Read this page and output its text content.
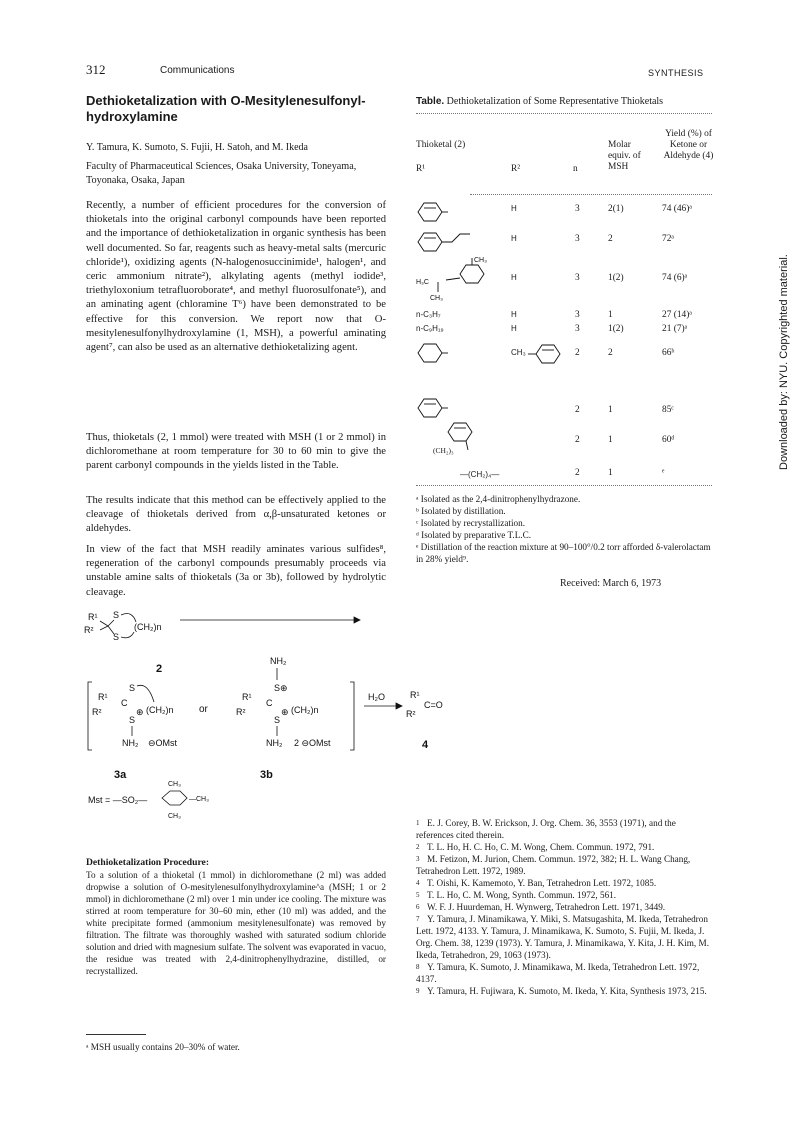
312	Communications	SYNTHESIS
Dethioketalization with O-Mesitylenesulfonyl-hydroxylamine
Y. Tamura, K. Sumoto, S. Fujii, H. Satoh, and M. Ikeda
Faculty of Pharmaceutical Sciences, Osaka University, Toneyama, Toyonaka, Osaka, Japan
Recently, a number of efficient procedures for the conversion of thioketals into the original carbonyl compounds have been reported and the importance of dethioketalization in organic synthesis has been well documented. So far, reagents such as heavy-metal salts (mercuric chloride¹), oxidizing agents (N-halogenosuccinimide¹, halogen¹, and ceric ammonium nitrate²), alkylating agents (methyl iodide³, triethyloxonium tetrafluoroborate⁴, and methyl fluorosulfonate⁵), and an aminating agent (chloramine T⁶) have been demonstrated to be effective for this conversion. We report now that O-mesitylenesulfonylhydroxylamine (1, MSH), a powerful aminating agent⁷, can also be used as an alternative dethioketalizing agent.
Thus, thioketals (2, 1 mmol) were treated with MSH (1 or 2 mmol) in dichloromethane at room temperature for 30 to 60 min to give the parent carbonyl compounds in the yields listed in the Table.
The results indicate that this method can be effectively applied to the cleavage of thioketals derived from α,β-unsaturated ketones or aldehydes.
In view of the fact that MSH readily aminates various sulfides⁸, regeneration of the carbonyl compounds presumably proceeds via unstable amine salts of thioketals (3a or 3b), followed by hydrolytic cleavage.
R¹
R²
S
S
(CH₂)n
2
R¹
R²
C
S
S
⊕ (CH₂)n
NH₂ ⊖OMst
R¹
R²
C
S⊕
S
⊕ (CH₂)n
NH₂
NH₂ 2 ⊖OMst
or
H₂O	R¹
R²
C=O
4
3a	3b
Mst = —SO₂—
CH₃
—CH₃
CH₃
Dethioketalization Procedure:
To a solution of a thioketal (1 mmol) in dichloromethane (2 ml) was added dropwise a solution of O-mesitylenesulfonylhydroxylamine^a (MSH; 1 or 2 mmol) in dichloromethane (2 ml) over 1 min under ice cooling. The mixture was stirred at room temperature for 30–60 min, ether (10 ml) was added, and the white precipitate formed (ammonium mesitylenesulfonate) was removed by filtration. The filtrate was thoroughly washed with saturated sodium chloride solution and dried with magnesium sulfate. The solvent was evaporated in vacuo, the residue was treated with 2,4-dinitrophenylhydrazine, distilled, or recrystallized.
ᵃ MSH usually contains 20–30% of water.
Table. Dethioketalization of Some Representative Thioketals
Thioketal (2)
R¹	R²	n
Molar equiv. of MSH
Yield (%) of Ketone or Aldehyde (4)
CH₃
H₃C
CH₃
(CH₂)₃
H	3	2(1)	74 (46)ᵃ
H	3	2	72ᵃ
H	3	1(2)	74 (6)ᵃ
n-C₃H₇	H	3	1	27 (14)ᵃ
n-C₉H₁₉	H	3	1(2)	21 (7)ᵃ
CH₃	2	2	66ᵇ
2	1	85ᶜ
2	1	60ᵈ
—(CH₂)₄—	2	1	ᵉ
ᵃ Isolated as the 2,4-dinitrophenylhydrazone.
ᵇ Isolated by distillation.
ᶜ Isolated by recrystallization.
ᵈ Isolated by preparative T.L.C.
ᵉ Distillation of the reaction mixture at 90–100°/0.2 torr afforded δ-valerolactam in 28% yield⁹.
Received: March 6, 1973
1 E. J. Corey, B. W. Erickson, J. Org. Chem. 36, 3553 (1971), and the references cited therein.
2 T. L. Ho, H. C. Ho, C. M. Wong, Chem. Commun. 1972, 791.
3 M. Fetizon, M. Jurion, Chem. Commun. 1972, 382; H. L. Wang Chang, Tetrahedron Lett. 1972, 1989.
4 T. Oishi, K. Kamemoto, Y. Ban, Tetrahedron Lett. 1972, 1085.
5 T. L. Ho, C. M. Wong, Synth. Commun. 1972, 561.
6 W. F. J. Huurdeman, H. Wynwerg, Tetrahedron Lett. 1971, 3449.
7 Y. Tamura, J. Minamikawa, Y. Miki, S. Matsugashita, M. Ikeda, Tetrahedron Lett. 1972, 4133. Y. Tamura, J. Minamikawa, K. Sumoto, S. Fujii, M. Ikeda, J. Org. Chem. 38, 1239 (1973). Y. Tamura, J. Minamikawa, Y. Kita, J. H. Kim, M. Ikeda, Tetrahedron, 29, 1063 (1973).
8 Y. Tamura, K. Sumoto, J. Minamikawa, M. Ikeda, Tetrahedron Lett. 1972, 4137.
9 Y. Tamura, H. Fujiwara, K. Sumoto, M. Ikeda, Y. Kita, Synthesis 1973, 215.
Downloaded by: NYU. Copyrighted material.
